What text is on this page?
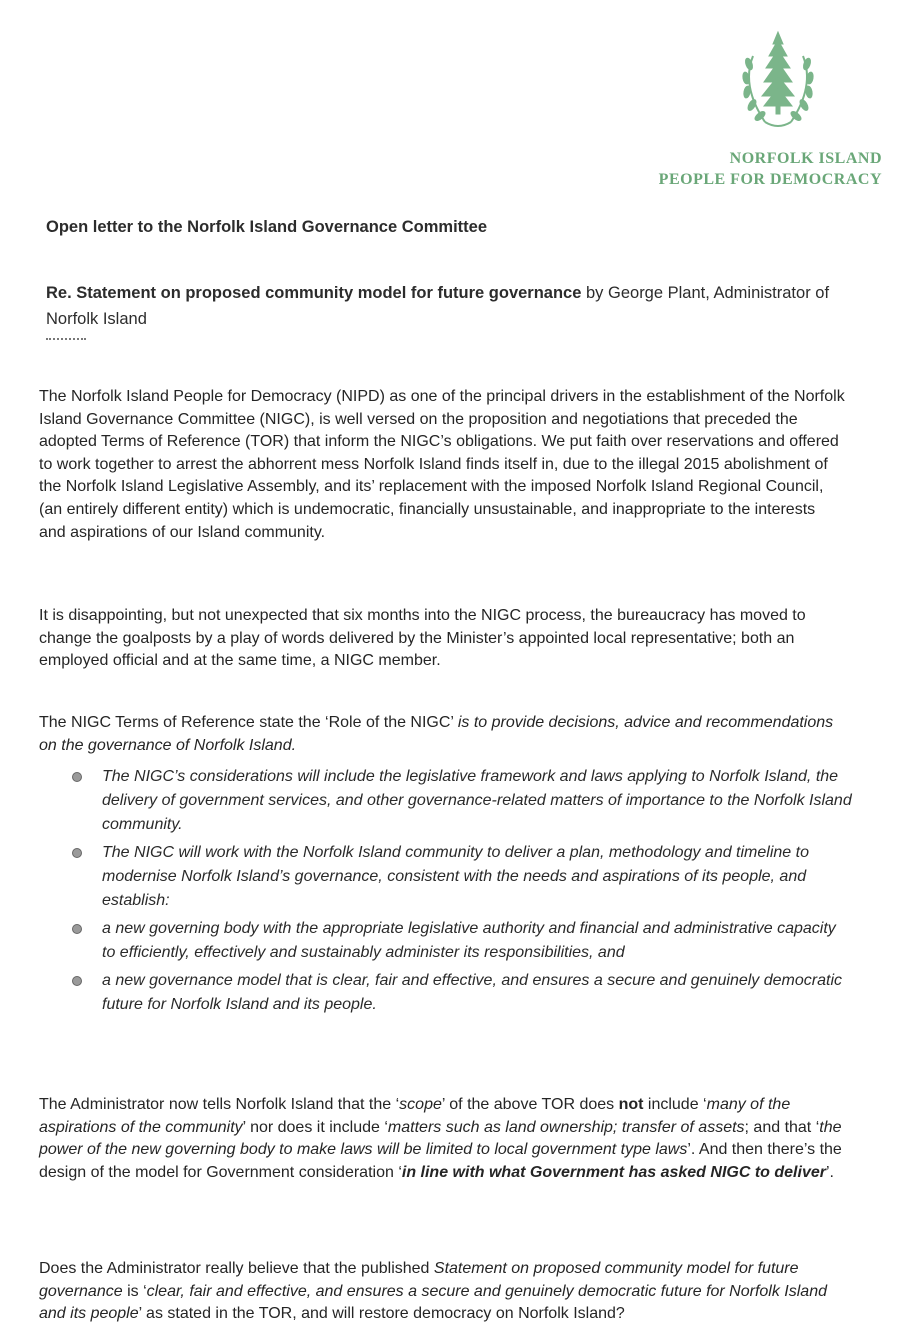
NORFOLK ISLAND
PEOPLE FOR DEMOCRACY
Open letter to the Norfolk Island Governance Committee
Re. Statement on proposed community model for future governance by George Plant, Administrator of Norfolk Island

The Norfolk Island People for Democracy (NIPD) as one of the principal drivers in the establishment of the Norfolk Island Governance Committee (NIGC), is well versed on the proposition and negotiations that preceded the adopted Terms of Reference (TOR) that inform the NIGC’s obligations. We put faith over reservations and offered to work together to arrest the abhorrent mess Norfolk Island finds itself in, due to the illegal 2015 abolishment of the Norfolk Island Legislative Assembly, and its’ replacement with the imposed Norfolk Island Regional Council, (an entirely different entity) which is undemocratic, financially unsustainable, and inappropriate to the interests and aspirations of our Island community.

It is disappointing, but not unexpected that six months into the NIGC process, the bureaucracy has moved to change the goalposts by a play of words delivered by the Minister’s appointed local representative; both an employed official and at the same time, a NIGC member.

The NIGC Terms of Reference state the ‘Role of the NIGC’ is to provide decisions, advice and recommendations on the governance of Norfolk Island.

The NIGC’s considerations will include the legislative framework and laws applying to Norfolk Island, the delivery of government services, and other governance-related matters of importance to the Norfolk Island community.
The NIGC will work with the Norfolk Island community to deliver a plan, methodology and timeline to modernise Norfolk Island’s governance, consistent with the needs and aspirations of its people, and establish:
a new governing body with the appropriate legislative authority and financial and administrative capacity to efficiently, effectively and sustainably administer its responsibilities, and
a new governance model that is clear, fair and effective, and ensures a secure and genuinely democratic future for Norfolk Island and its people.

The Administrator now tells Norfolk Island that the ‘scope’ of the above TOR does not include ‘many of the aspirations of the community’ nor does it include ‘matters such as land ownership; transfer of assets; and that ‘the power of the new governing body to make laws will be limited to local government type laws’. And then there’s the design of the model for Government consideration ‘in line with what Government has asked NIGC to deliver’.

Does the Administrator really believe that the published Statement on proposed community model for future governance is ‘clear, fair and effective, and ensures a secure and genuinely democratic future for Norfolk Island and its people’ as stated in the TOR, and will restore democracy on Norfolk Island?
